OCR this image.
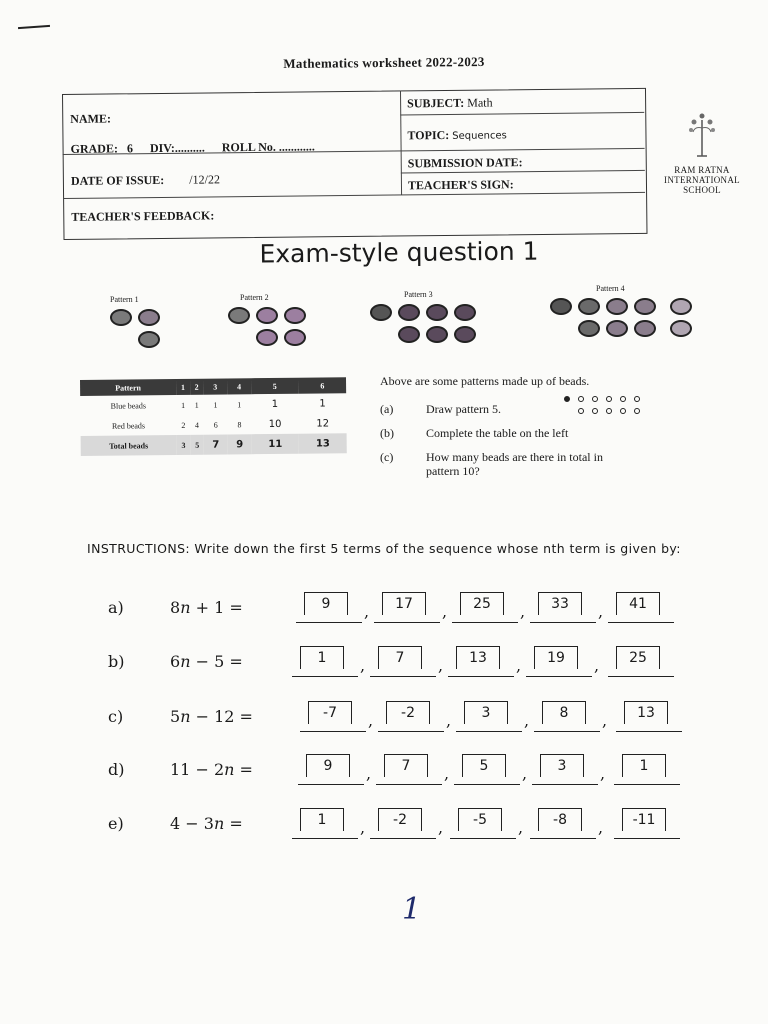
Mathematics worksheet 2022-2023
NAME:
SUBJECT: Math
GRADE: 6 DIV:.......... ROLL No. ............
TOPIC: Sequences
DATE OF ISSUE: /12/22
SUBMISSION DATE:
TEACHER'S SIGN:
TEACHER'S FEEDBACK:
RAM RATNA
INTERNATIONAL
SCHOOL
Exam-style question 1
Pattern 1	Pattern 2	Pattern 3
Pattern 4
Pattern	1	2	3	4	5	6
Blue beads	1	1	1	1	1	1
Red beads	2	4	6	8	10	12
Total beads	3	5	7	9	11	13
Above are some patterns made up of beads.
(a)	Draw pattern 5.
(b)	Complete the table on the left
(c)	How many beads are there in total in
pattern 10?
INSTRUCTIONS: Write down the first 5 terms of the sequence whose nth term is given by:
a)	8n + 1 =	9	,	17	,	25	,	33	,	41
b)	6n − 5 =	1	,	7	,	13	,	19	,	25
c)	5n − 12 =	-7	,	-2	,	3	,	8	,	13
d)	11 − 2n =	9	,	7	,	5	,	3	,	1
e)	4 − 3n =	1	,	-2	,	-5	,	-8	,	-11
1
